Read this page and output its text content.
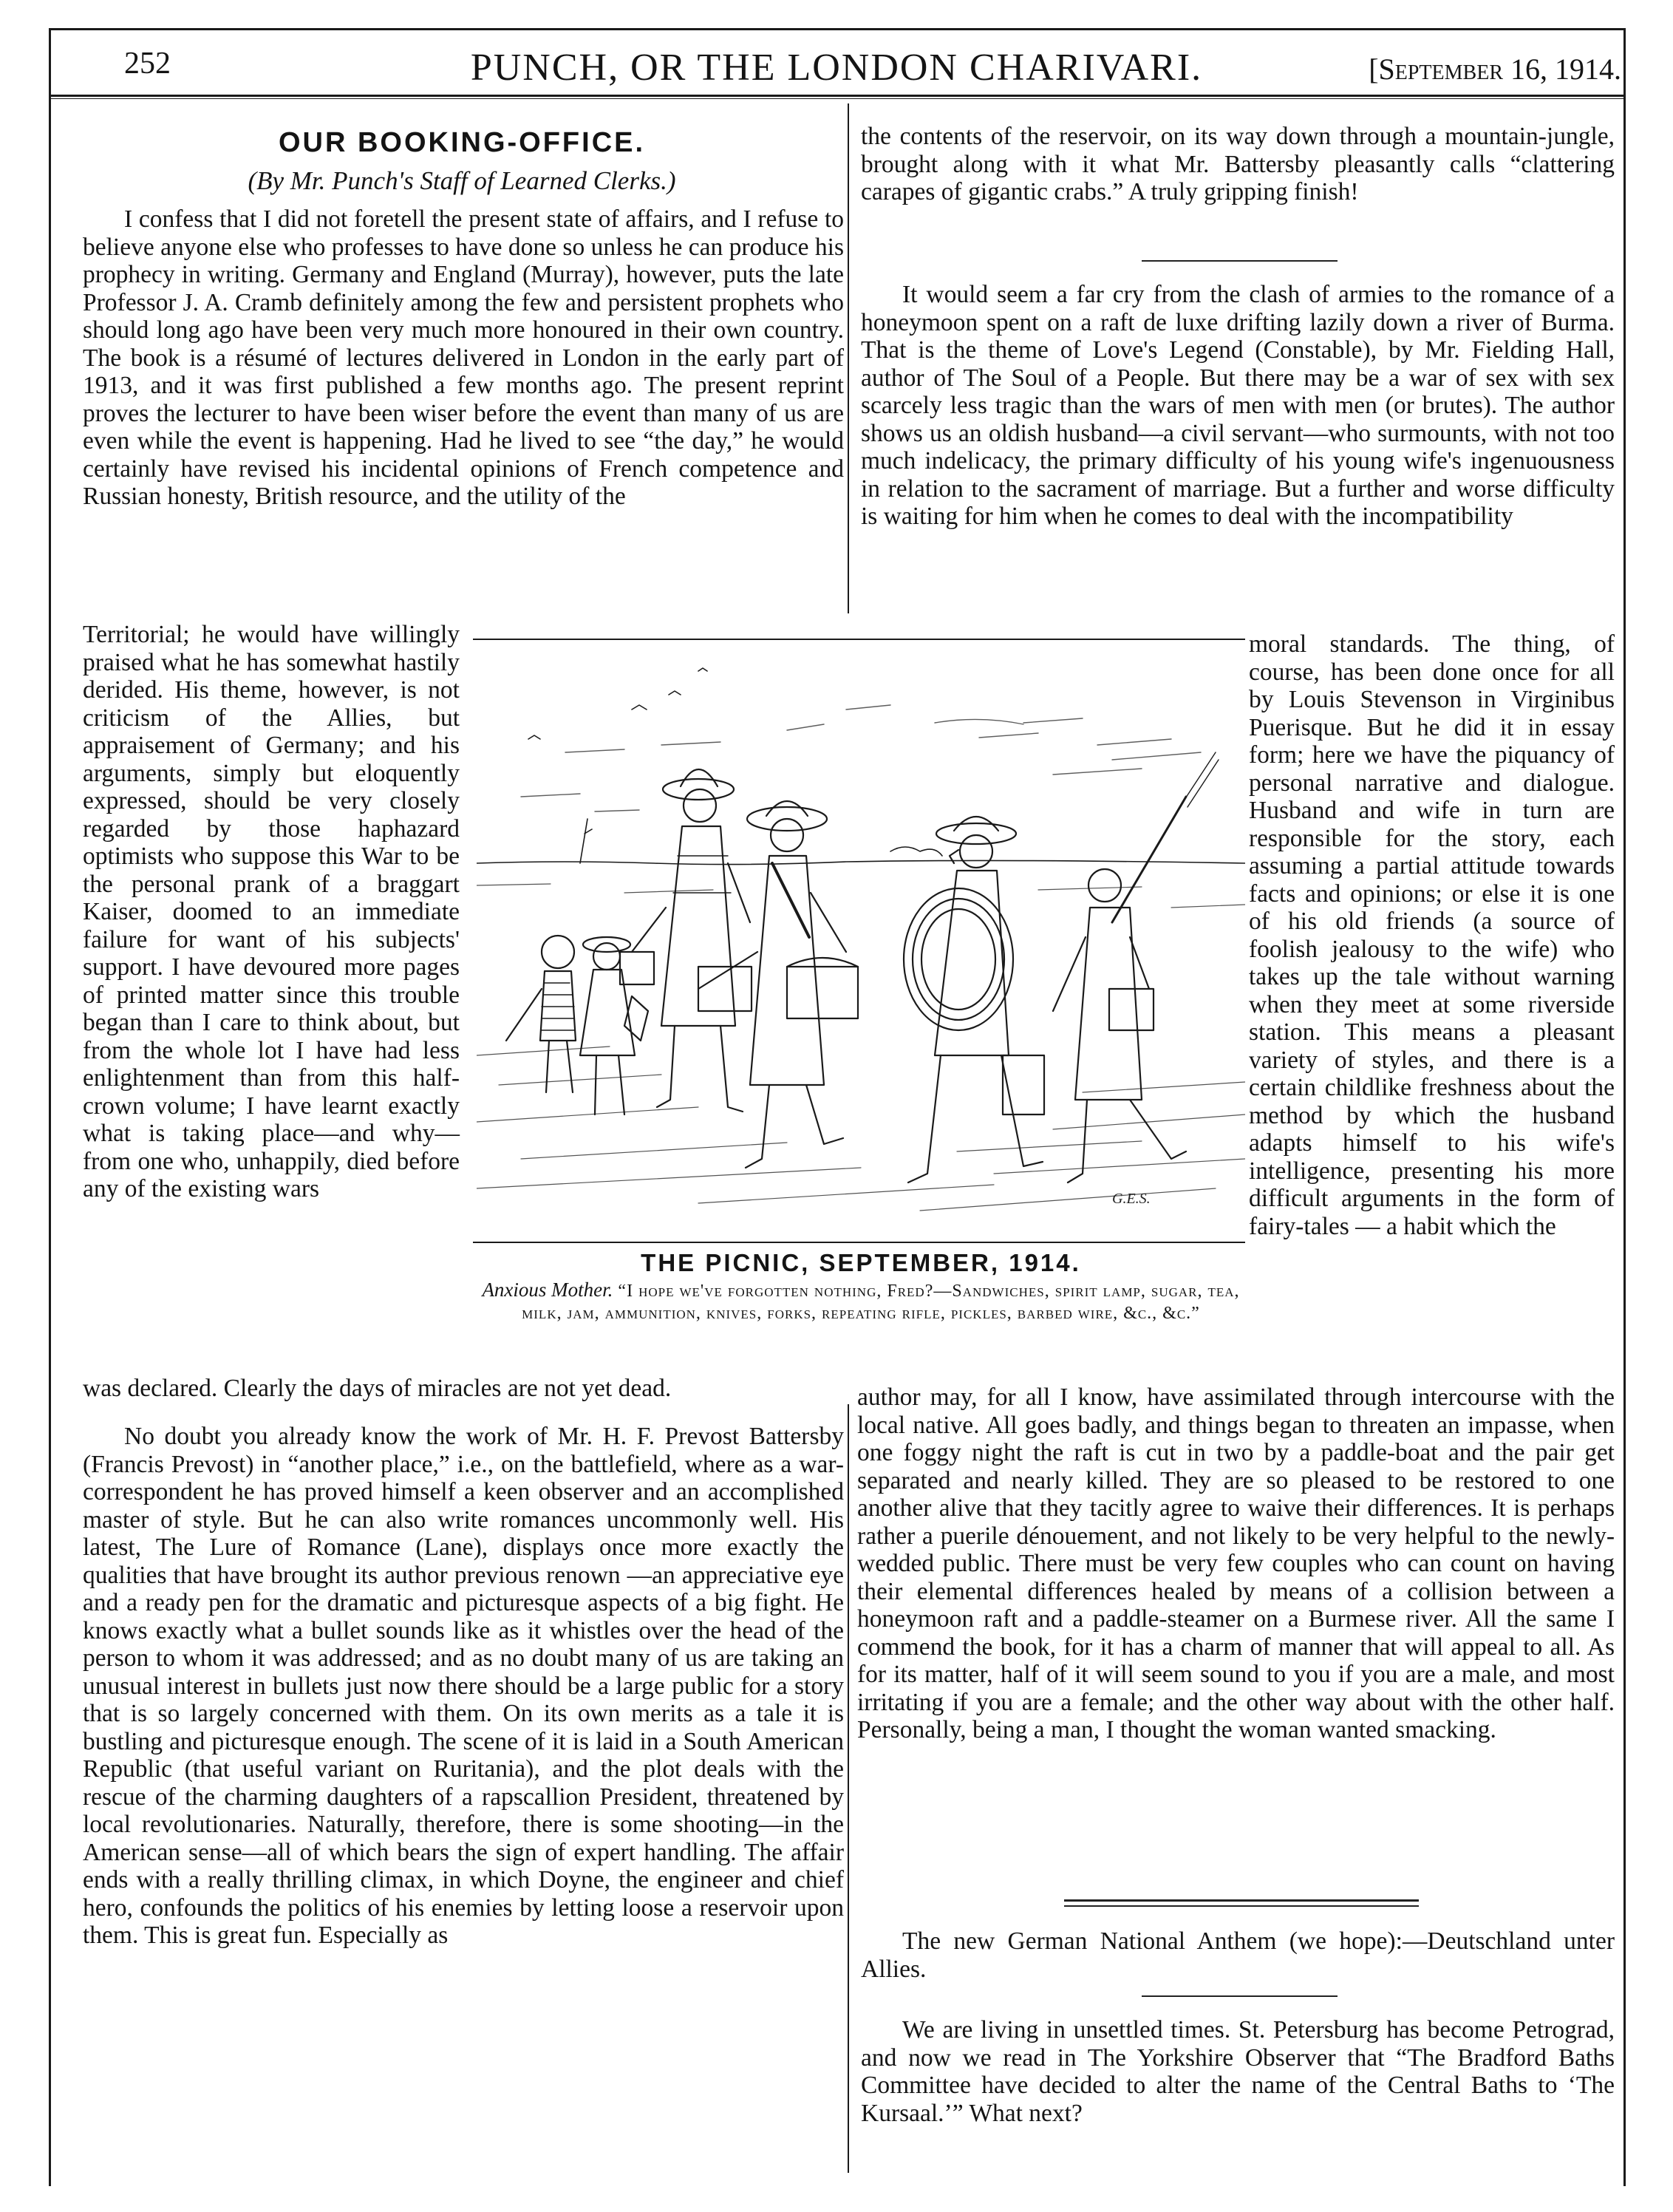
252	PUNCH, OR THE LONDON CHARIVARI.	[September 16, 1914.
OUR BOOKING-OFFICE.
(By Mr. Punch's Staff of Learned Clerks.)

I confess that I did not foretell the present state of affairs, and I refuse to believe anyone else who professes to have done so unless he can produce his prophecy in writing. Germany and England (Murray), however, puts the late Professor J. A. Cramb definitely among the few and persistent prophets who should long ago have been very much more honoured in their own country. The book is a résumé of lectures delivered in London in the early part of 1913, and it was first published a few months ago. The present reprint proves the lecturer to have been wiser before the event than many of us are even while the event is happening. Had he lived to see “the day,” he would certainly have revised his incidental opinions of French competence and Russian honesty, British resource, and the utility of the

Territorial; he would have willingly praised what he has somewhat hastily derided. His theme, however, is not criticism of the Allies, but appraisement of Germany; and his arguments, simply but eloquently expressed, should be very closely regarded by those haphazard optimists who suppose this War to be the personal prank of a braggart Kaiser, doomed to an immediate failure for want of his subjects' support. I have devoured more pages of printed matter since this trouble began than I care to think about, but from the whole lot I have had less enlightenment than from this half-crown volume; I have learnt exactly what is taking place—and why—from one who, unhappily, died before any of the existing wars

was declared. Clearly the days of miracles are not yet dead.

No doubt you already know the work of Mr. H. F. Prevost Battersby (Francis Prevost) in “another place,” i.e., on the battlefield, where as a war-correspondent he has proved himself a keen observer and an accomplished master of style. But he can also write romances uncommonly well. His latest, The Lure of Romance (Lane), displays once more exactly the qualities that have brought its author previous renown —an appreciative eye and a ready pen for the dramatic and picturesque aspects of a big fight. He knows exactly what a bullet sounds like as it whistles over the head of the person to whom it was addressed; and as no doubt many of us are taking an unusual interest in bullets just now there should be a large public for a story that is so largely concerned with them. On its own merits as a tale it is bustling and picturesque enough. The scene of it is laid in a South American Republic (that useful variant on Ruritania), and the plot deals with the rescue of the charming daughters of a rapscallion President, threatened by local revolutionaries. Naturally, therefore, there is some shooting—in the American sense—all of which bears the sign of expert handling. The affair ends with a really thrilling climax, in which Doyne, the engineer and chief hero, confounds the politics of his enemies by letting loose a reservoir upon them. This is great fun. Especially as

the contents of the reservoir, on its way down through a mountain-jungle, brought along with it what Mr. Battersby pleasantly calls “clattering carapes of gigantic crabs.” A truly gripping finish!

It would seem a far cry from the clash of armies to the romance of a honeymoon spent on a raft de luxe drifting lazily down a river of Burma. That is the theme of Love's Legend (Constable), by Mr. Fielding Hall, author of The Soul of a People. But there may be a war of sex with sex scarcely less tragic than the wars of men with men (or brutes). The author shows us an oldish husband—a civil servant—who surmounts, with not too much indelicacy, the primary difficulty of his young wife's ingenuousness in relation to the sacrament of marriage. But a further and worse difficulty is waiting for him when he comes to deal with the incompatibility

moral standards. The thing, of course, has been done once for all by Louis Stevenson in Virginibus Puerisque. But he did it in essay form; here we have the piquancy of personal narrative and dialogue. Husband and wife in turn are responsible for the story, each assuming a partial attitude towards facts and opinions; or else it is one of his old friends (a source of foolish jealousy to the wife) who takes up the tale without warning when they meet at some riverside station. This means a pleasant variety of styles, and there is a certain childlike freshness about the method by which the husband adapts himself to his wife's intelligence, presenting his more difficult arguments in the form of fairy-tales — a habit which the

author may, for all I know, have assimilated through intercourse with the local native. All goes badly, and things began to threaten an impasse, when one foggy night the raft is cut in two by a paddle-boat and the pair get separated and nearly killed. They are so pleased to be restored to one another alive that they tacitly agree to waive their differences. It is perhaps rather a puerile dénouement, and not likely to be very helpful to the newly-wedded public. There must be very few couples who can count on having their elemental differences healed by means of a collision between a honeymoon raft and a paddle-steamer on a Burmese river. All the same I commend the book, for it has a charm of manner that will appeal to all. As for its matter, half of it will seem sound to you if you are a male, and most irritating if you are a female; and the other way about with the other half. Personally, being a man, I thought the woman wanted smacking.

The new German National Anthem (we hope):—Deutschland unter Allies.

We are living in unsettled times. St. Petersburg has become Petrograd, and now we read in The Yorkshire Observer that “The Bradford Baths Committee have decided to alter the name of the Central Baths to ‘The Kursaal.’” What next?

G.E.S.
THE PICNIC, SEPTEMBER, 1914.
Anxious Mother. “I hope we've forgotten nothing, Fred?—Sandwiches, spirit lamp, sugar, tea, milk, jam, ammunition, knives, forks, repeating rifle, pickles, barbed wire, &c., &c.”
